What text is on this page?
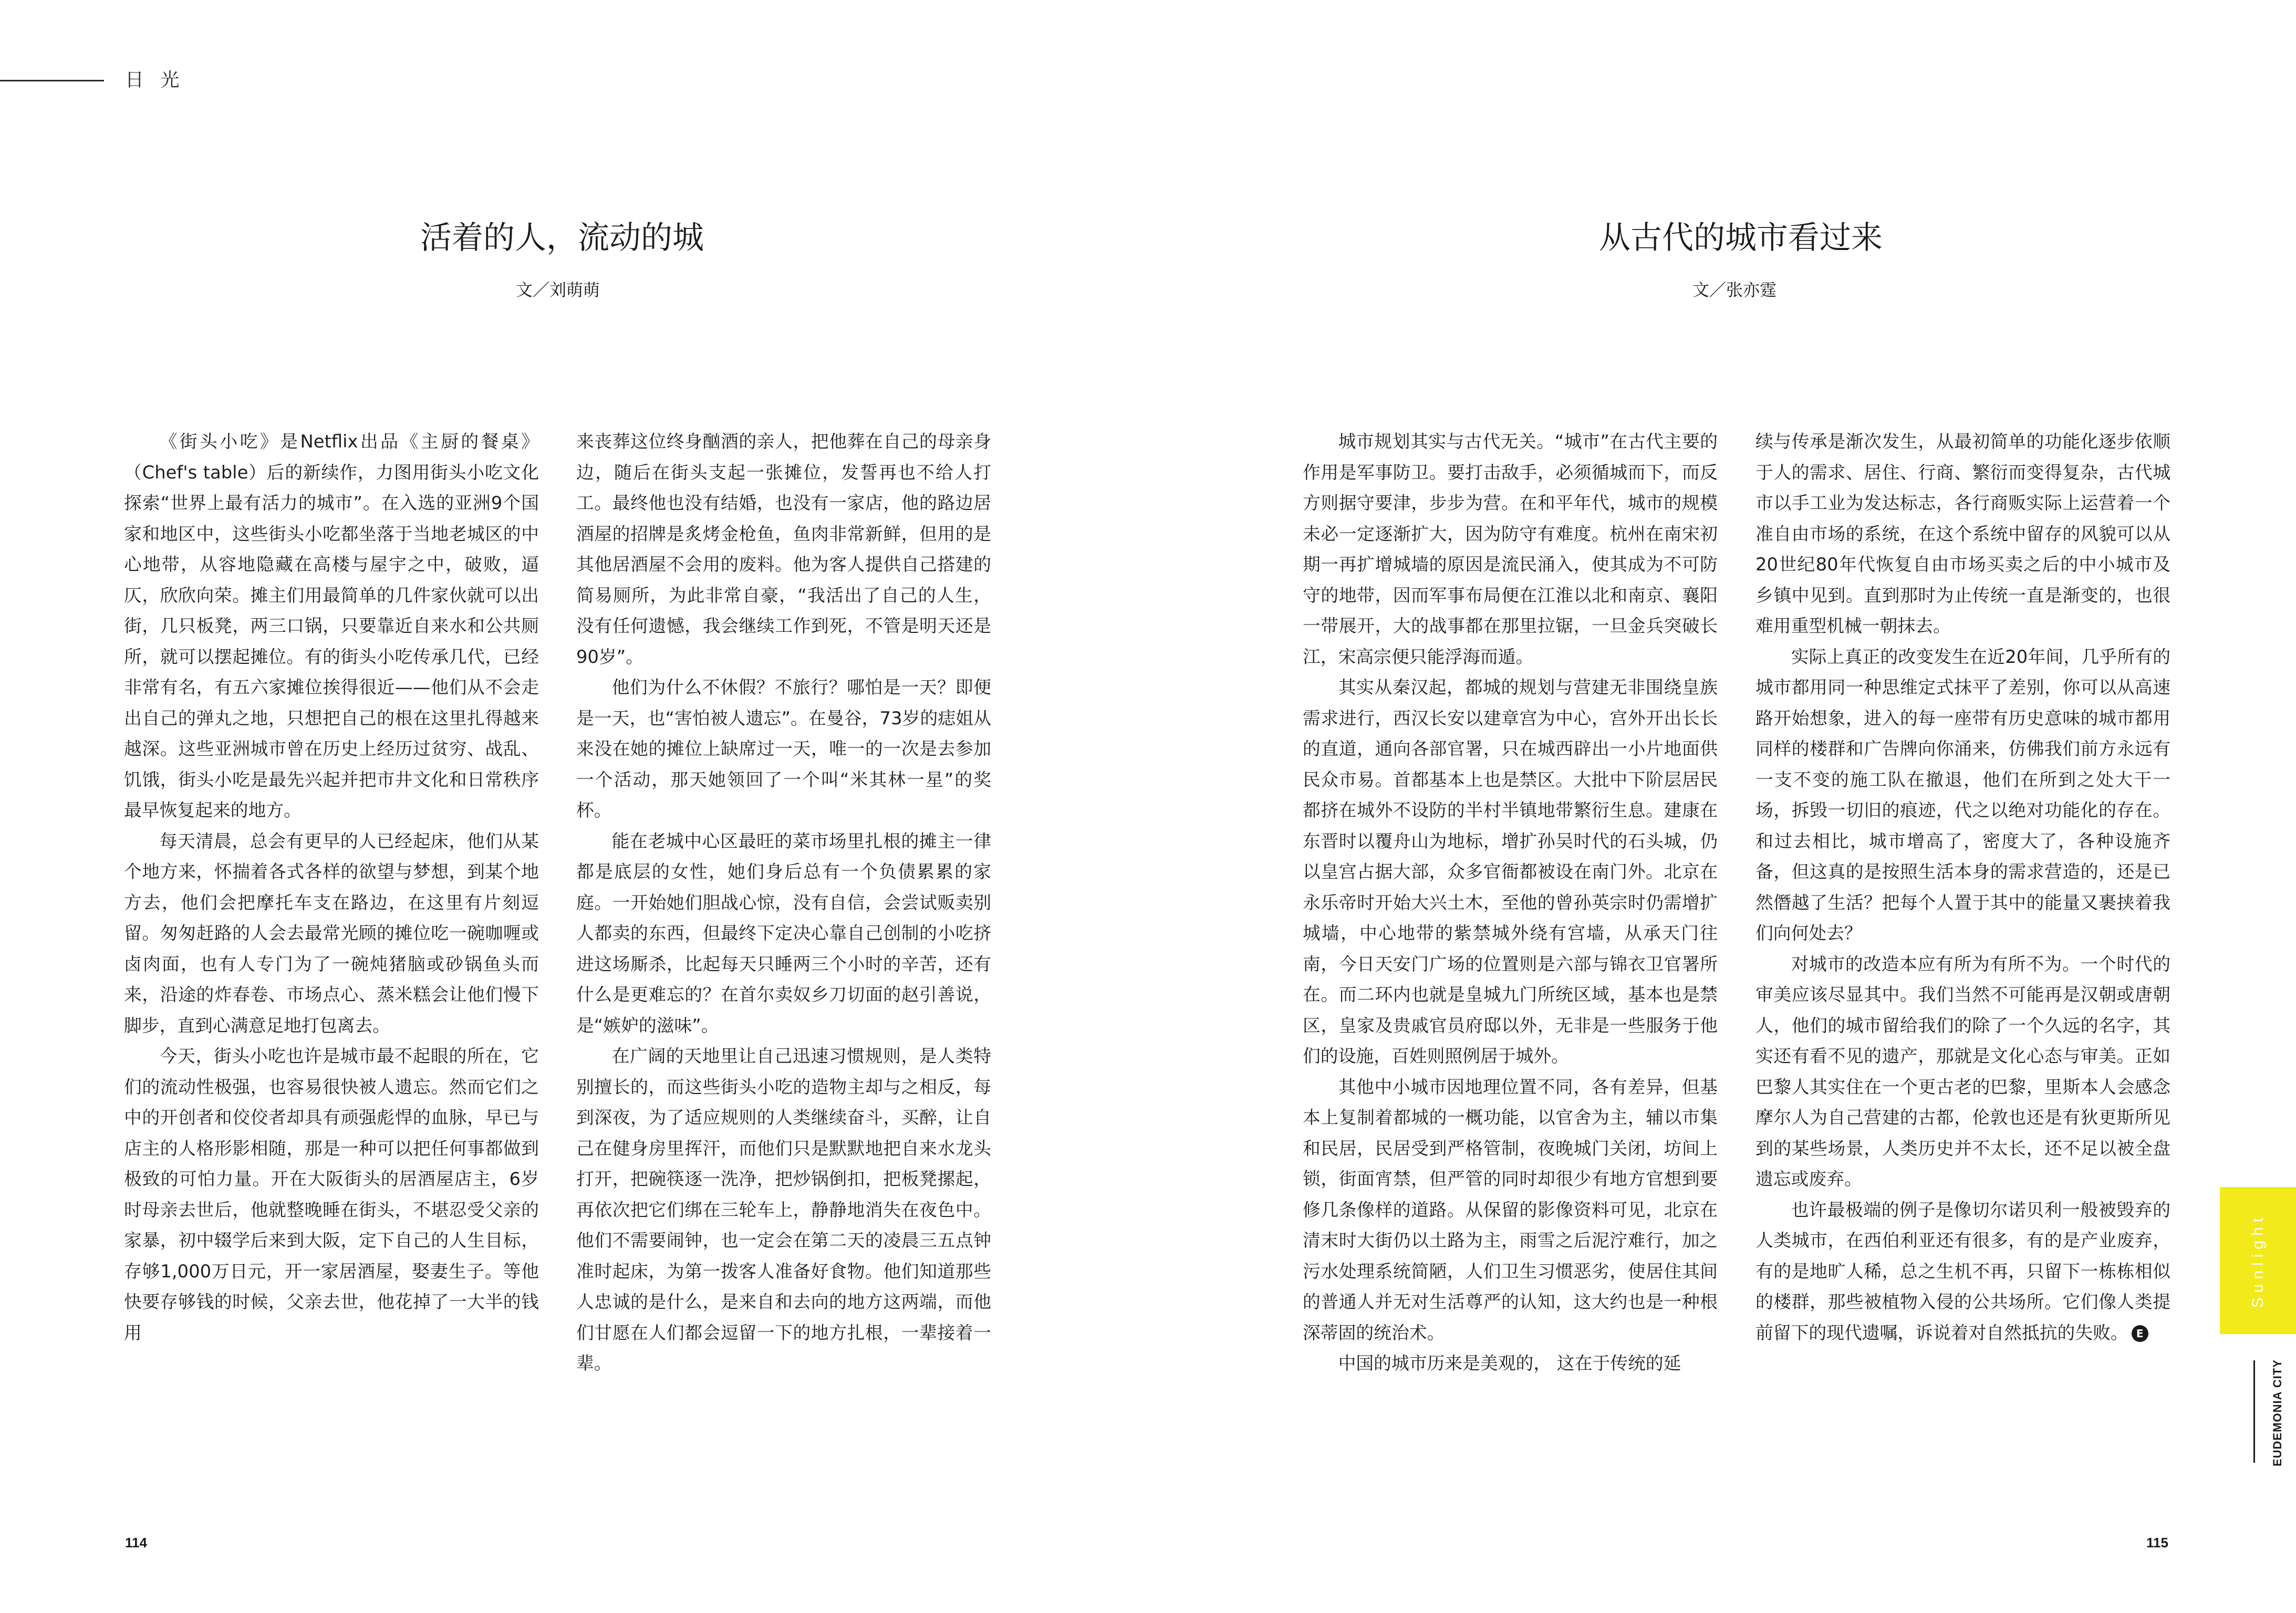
日 光
活着的人，流动的城
文／刘萌萌

《街头小吃》是Netflix出品《主厨的餐桌》（Chef's table）后的新续作，力图用街头小吃文化探索“世界上最有活力的城市”。在入选的亚洲9个国家和地区中，这些街头小吃都坐落于当地老城区的中心地带，从容地隐藏在高楼与屋宇之中，破败，逼仄，欣欣向荣。摊主们用最简单的几件家伙就可以出街，几只板凳，两三口锅，只要靠近自来水和公共厕所，就可以摆起摊位。有的街头小吃传承几代，已经非常有名，有五六家摊位挨得很近——他们从不会走出自己的弹丸之地，只想把自己的根在这里扎得越来越深。这些亚洲城市曾在历史上经历过贫穷、战乱、饥饿，街头小吃是最先兴起并把市井文化和日常秩序最早恢复起来的地方。

每天清晨，总会有更早的人已经起床，他们从某个地方来，怀揣着各式各样的欲望与梦想，到某个地方去，他们会把摩托车支在路边，在这里有片刻逗留。匆匆赶路的人会去最常光顾的摊位吃一碗咖喱或卤肉面，也有人专门为了一碗炖猪脑或砂锅鱼头而来，沿途的炸春卷、市场点心、蒸米糕会让他们慢下脚步，直到心满意足地打包离去。

今天，街头小吃也许是城市最不起眼的所在，它们的流动性极强，也容易很快被人遗忘。然而它们之中的开创者和佼佼者却具有顽强彪悍的血脉，早已与店主的人格形影相随，那是一种可以把任何事都做到极致的可怕力量。开在大阪街头的居酒屋店主，6岁时母亲去世后，他就整晚睡在街头，不堪忍受父亲的家暴，初中辍学后来到大阪，定下自己的人生目标，存够1,000万日元，开一家居酒屋，娶妻生子。等他快要存够钱的时候，父亲去世，他花掉了一大半的钱用

来丧葬这位终身酗酒的亲人，把他葬在自己的母亲身边，随后在街头支起一张摊位，发誓再也不给人打工。最终他也没有结婚，也没有一家店，他的路边居酒屋的招牌是炙烤金枪鱼，鱼肉非常新鲜，但用的是其他居酒屋不会用的废料。他为客人提供自己搭建的简易厕所，为此非常自豪，“我活出了自己的人生，没有任何遗憾，我会继续工作到死，不管是明天还是90岁”。

他们为什么不休假？不旅行？哪怕是一天？即便是一天，也“害怕被人遗忘”。在曼谷，73岁的痣姐从来没在她的摊位上缺席过一天，唯一的一次是去参加一个活动，那天她领回了一个叫“米其林一星”的奖杯。

能在老城中心区最旺的菜市场里扎根的摊主一律都是底层的女性，她们身后总有一个负债累累的家庭。一开始她们胆战心惊，没有自信，会尝试贩卖别人都卖的东西，但最终下定决心靠自己创制的小吃挤进这场厮杀，比起每天只睡两三个小时的辛苦，还有什么是更难忘的？在首尔卖奴乡刀切面的赵引善说，是“嫉妒的滋味”。

在广阔的天地里让自己迅速习惯规则，是人类特别擅长的，而这些街头小吃的造物主却与之相反，每到深夜，为了适应规则的人类继续奋斗，买醉，让自己在健身房里挥汗，而他们只是默默地把自来水龙头打开，把碗筷逐一洗净，把炒锅倒扣，把板凳摞起，再依次把它们绑在三轮车上，静静地消失在夜色中。他们不需要闹钟，也一定会在第二天的凌晨三五点钟准时起床，为第一拨客人准备好食物。他们知道那些人忠诚的是什么，是来自和去向的地方这两端，而他们甘愿在人们都会逗留一下的地方扎根，一辈接着一辈。

114
从古代的城市看过来
文／张亦霆

城市规划其实与古代无关。“城市”在古代主要的作用是军事防卫。要打击敌手，必须循城而下，而反方则据守要津，步步为营。在和平年代，城市的规模未必一定逐渐扩大，因为防守有难度。杭州在南宋初期一再扩增城墙的原因是流民涌入，使其成为不可防守的地带，因而军事布局便在江淮以北和南京、襄阳一带展开，大的战事都在那里拉锯，一旦金兵突破长江，宋高宗便只能浮海而遁。

其实从秦汉起，都城的规划与营建无非围绕皇族需求进行，西汉长安以建章宫为中心，宫外开出长长的直道，通向各部官署，只在城西辟出一小片地面供民众市易。首都基本上也是禁区。大批中下阶层居民都挤在城外不设防的半村半镇地带繁衍生息。建康在东晋时以覆舟山为地标，增扩孙吴时代的石头城，仍以皇宫占据大部，众多官衙都被设在南门外。北京在永乐帝时开始大兴土木，至他的曾孙英宗时仍需增扩城墙，中心地带的紫禁城外绕有宫墙，从承天门往南，今日天安门广场的位置则是六部与锦衣卫官署所在。而二环内也就是皇城九门所统区域，基本也是禁区，皇家及贵戚官员府邸以外，无非是一些服务于他们的设施，百姓则照例居于城外。

其他中小城市因地理位置不同，各有差异，但基本上复制着都城的一概功能，以官舍为主，辅以市集和民居，民居受到严格管制，夜晚城门关闭，坊间上锁，街面宵禁，但严管的同时却很少有地方官想到要修几条像样的道路。从保留的影像资料可见，北京在清末时大街仍以土路为主，雨雪之后泥泞难行，加之污水处理系统简陋，人们卫生习惯恶劣，使居住其间的普通人并无对生活尊严的认知，这大约也是一种根深蒂固的统治术。

中国的城市历来是美观的， 这在于传统的延

续与传承是渐次发生，从最初简单的功能化逐步依顺于人的需求、居住、行商、繁衍而变得复杂，古代城市以手工业为发达标志，各行商贩实际上运营着一个准自由市场的系统，在这个系统中留存的风貌可以从20世纪80年代恢复自由市场买卖之后的中小城市及乡镇中见到。直到那时为止传统一直是渐变的，也很难用重型机械一朝抹去。

实际上真正的改变发生在近20年间，几乎所有的城市都用同一种思维定式抹平了差别，你可以从高速路开始想象，进入的每一座带有历史意味的城市都用同样的楼群和广告牌向你涌来，仿佛我们前方永远有一支不变的施工队在撤退，他们在所到之处大干一场，拆毁一切旧的痕迹，代之以绝对功能化的存在。和过去相比，城市增高了，密度大了，各种设施齐备，但这真的是按照生活本身的需求营造的，还是已然僭越了生活？把每个人置于其中的能量又裹挟着我们向何处去？

对城市的改造本应有所为有所不为。一个时代的审美应该尽显其中。我们当然不可能再是汉朝或唐朝人，他们的城市留给我们的除了一个久远的名字，其实还有看不见的遗产，那就是文化心态与审美。正如巴黎人其实住在一个更古老的巴黎，里斯本人会感念摩尔人为自己营建的古都，伦敦也还是有狄更斯所见到的某些场景，人类历史并不太长，还不足以被全盘遗忘或废弃。

也许最极端的例子是像切尔诺贝利一般被毁弃的人类城市，在西伯利亚还有很多，有的是产业废弃，有的是地旷人稀，总之生机不再，只留下一栋栋相似的楼群，那些被植物入侵的公共场所。它们像人类提前留下的现代遗嘱，诉说着对自然抵抗的失败。 E

115
Sunlight
EUDEMONIA CITY
